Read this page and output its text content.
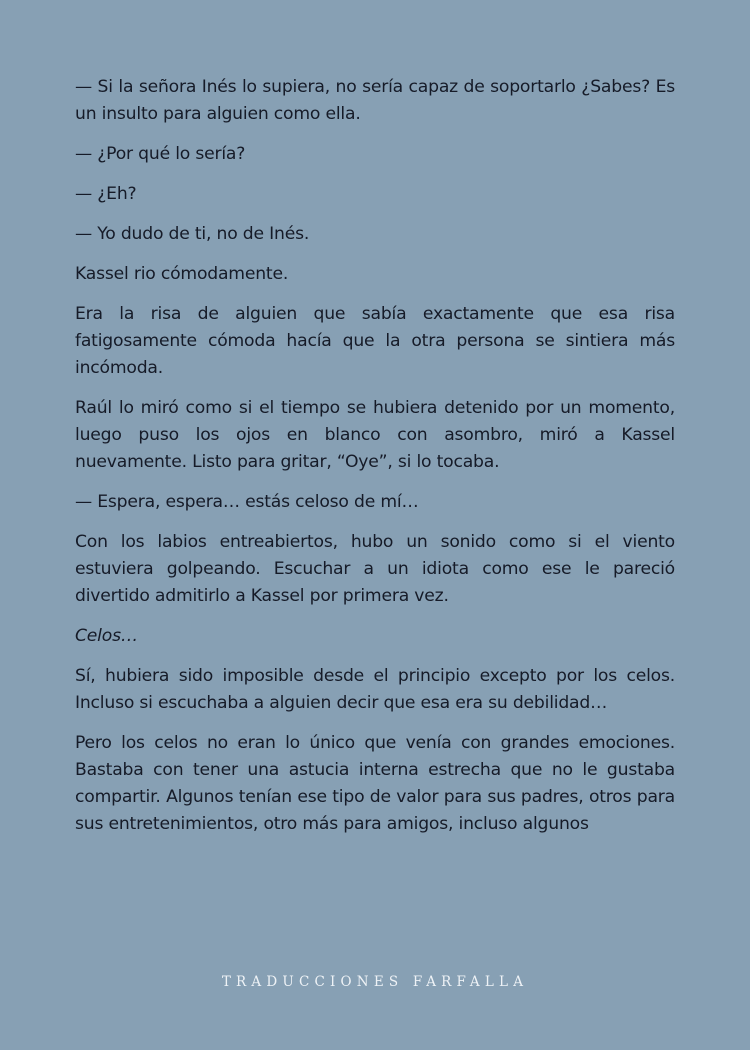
— Si la señora Inés lo supiera, no sería capaz de soportarlo ¿Sabes? Es un insulto para alguien como ella.

— ¿Por qué lo sería?

— ¿Eh?

— Yo dudo de ti, no de Inés.

Kassel rio cómodamente.

Era la risa de alguien que sabía exactamente que esa risa fatigosamente cómoda hacía que la otra persona se sintiera más incómoda.

Raúl lo miró como si el tiempo se hubiera detenido por un momento, luego puso los ojos en blanco con asombro, miró a Kassel nuevamente. Listo para gritar, “Oye”, si lo tocaba.

— Espera, espera… estás celoso de mí…

Con los labios entreabiertos, hubo un sonido como si el viento estuviera golpeando. Escuchar a un idiota como ese le pareció divertido admitirlo a Kassel por primera vez.

Celos…

Sí, hubiera sido imposible desde el principio excepto por los celos. Incluso si escuchaba a alguien decir que esa era su debilidad…

Pero los celos no eran lo único que venía con grandes emociones. Bastaba con tener una astucia interna estrecha que no le gustaba compartir. Algunos tenían ese tipo de valor para sus padres, otros para sus entretenimientos, otro más para amigos, incluso algunos

TRADUCCIONES FARFALLA
